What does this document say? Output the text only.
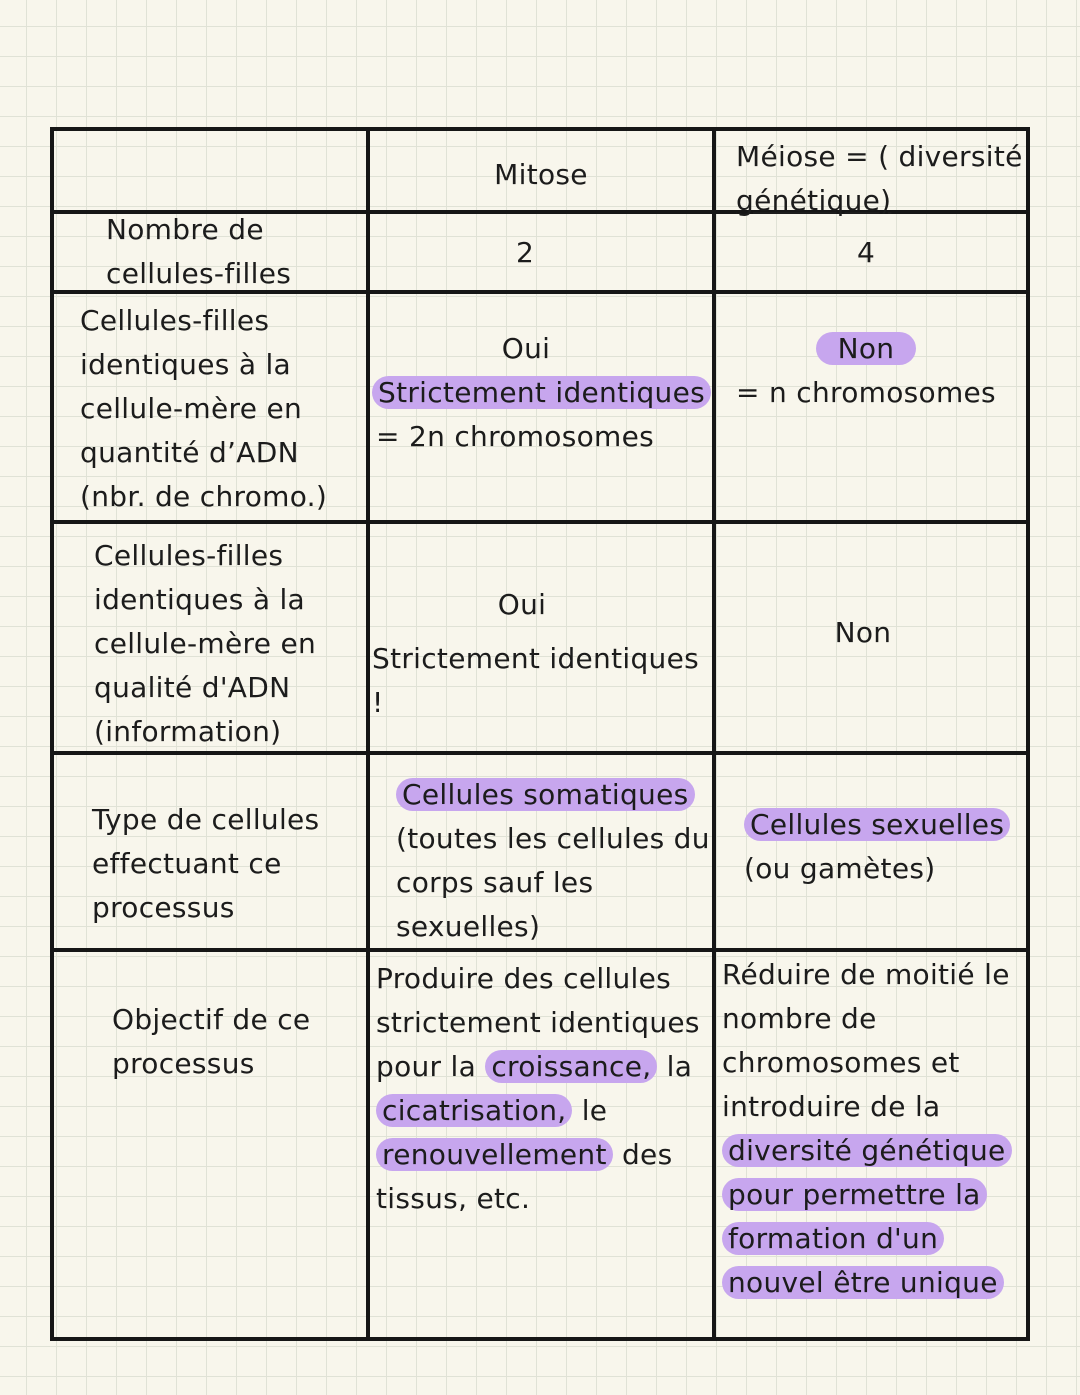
Mitose
Méiose = ( diversité
génétique)
Nombre de cellules-filles
2	4
Cellules-filles identiques à la cellule-mère en quantité d’ADN (nbr. de chromo.)
Oui
Strictement identiques
= 2n chromosomes
Non
= n chromosomes
Cellules-filles identiques à la cellule-mère en qualité d'ADN (information)
Oui
Strictement identiques !
Non
Type de cellules effectuant ce processus
Cellules somatiques (toutes les cellules du corps sauf les sexuelles)
Cellules sexuelles
(ou gamètes)
Objectif de ce processus
Produire des cellules strictement identiques pour la croissance, la cicatrisation, le renouvellement des tissus, etc.
Réduire de moitié le nombre de chromosomes et introduire de la diversité génétique pour permettre la formation d'un nouvel être unique
